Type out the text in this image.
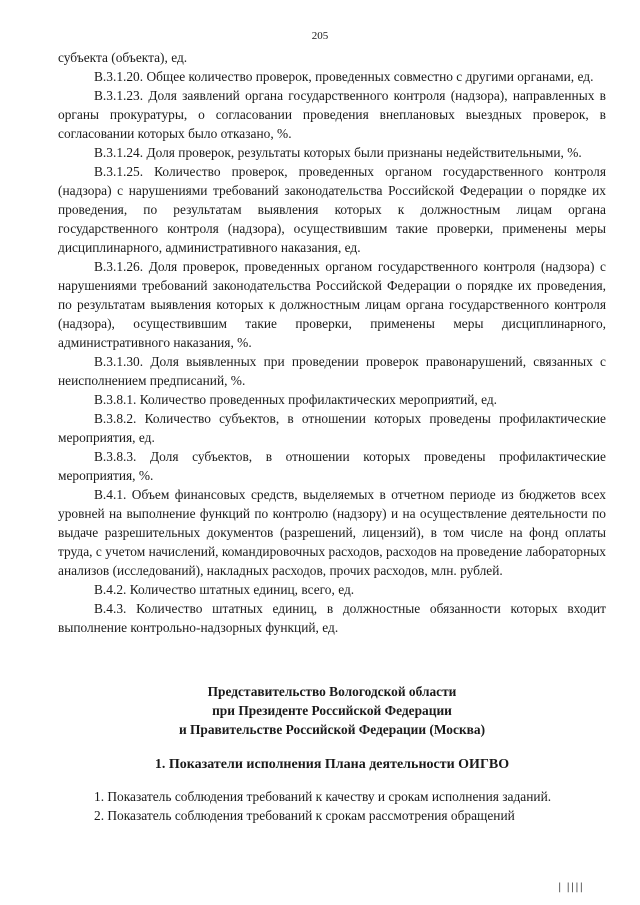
205

субъекта (объекта), ед.

В.3.1.20. Общее количество проверок, проведенных совместно с другими органами, ед.

В.3.1.23. Доля заявлений органа государственного контроля (надзора), направленных в органы прокуратуры, о согласовании проведения внеплановых выездных проверок, в согласовании которых было отказано, %.

В.3.1.24. Доля проверок, результаты которых были признаны недействительными, %.

В.3.1.25. Количество проверок, проведенных органом государственного контроля (надзора) с нарушениями требований законодательства Российской Федерации о порядке их проведения, по результатам выявления которых к должностным лицам органа государственного контроля (надзора), осуществившим такие проверки, применены меры дисциплинарного, административного наказания, ед.

В.3.1.26. Доля проверок, проведенных органом государственного контроля (надзора) с нарушениями требований законодательства Российской Федерации о порядке их проведения, по результатам выявления которых к должностным лицам органа государственного контроля (надзора), осуществившим такие проверки, применены меры дисциплинарного, административного наказания, %.

В.3.1.30. Доля выявленных при проведении проверок правонарушений, связанных с неисполнением предписаний, %.

В.3.8.1. Количество проведенных профилактических мероприятий, ед.

В.3.8.2. Количество субъектов, в отношении которых проведены профилактические мероприятия, ед.

В.3.8.3. Доля субъектов, в отношении которых проведены профилактические мероприятия, %.

В.4.1. Объем финансовых средств, выделяемых в отчетном периоде из бюджетов всех уровней на выполнение функций по контролю (надзору) и на осуществление деятельности по выдаче разрешительных документов (разрешений, лицензий), в том числе на фонд оплаты труда, с учетом начислений, командировочных расходов, расходов на проведение лабораторных анализов (исследований), накладных расходов, прочих расходов, млн. рублей.

В.4.2. Количество штатных единиц, всего, ед.

В.4.3. Количество штатных единиц, в должностные обязанности которых входит выполнение контрольно-надзорных функций, ед.

Представительство Вологодской области
при Президенте Российской Федерации
и Правительстве Российской Федерации (Москва)
1. Показатели исполнения Плана деятельности ОИГВО

1. Показатель соблюдения требований к качеству и срокам исполнения заданий.

2. Показатель соблюдения требований к срокам рассмотрения обращений

| ||||
